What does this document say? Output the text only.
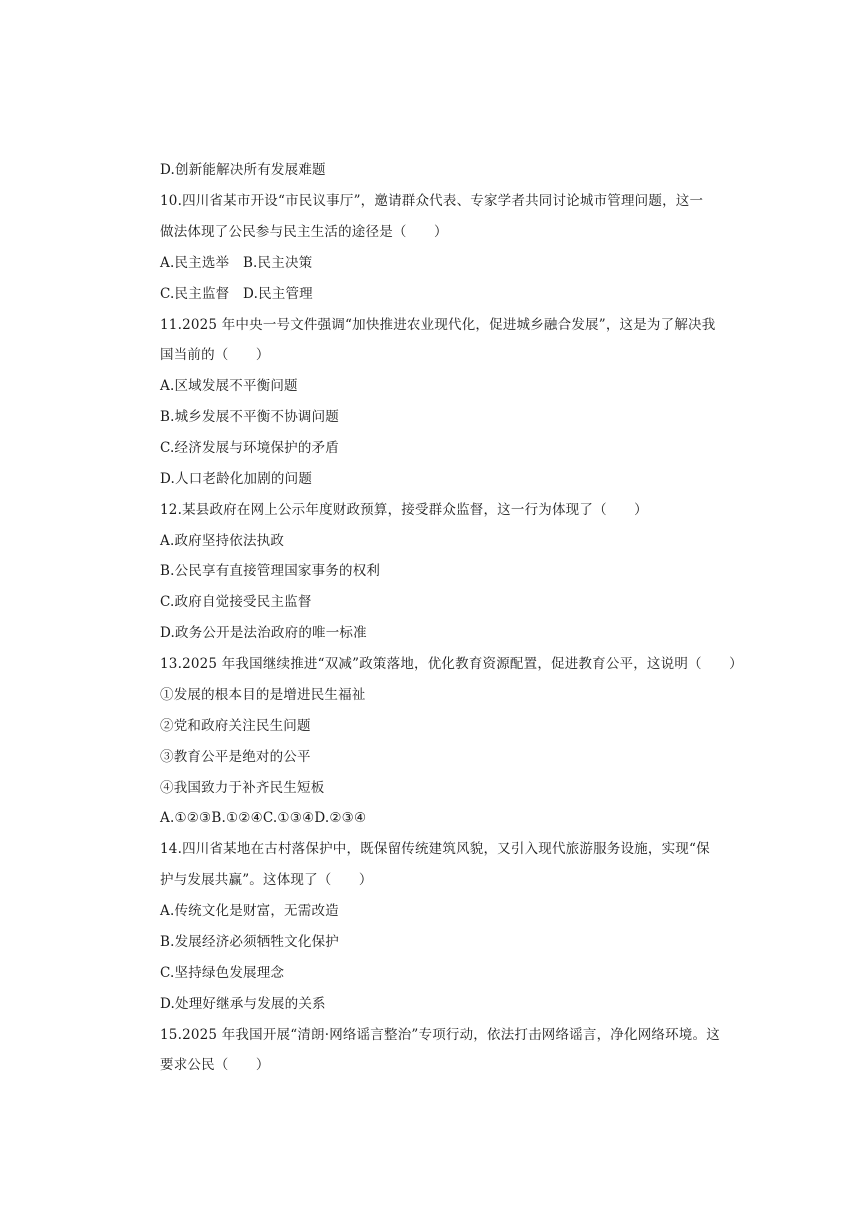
D.创新能解决所有发展难题
10.四川省某市开设“市民议事厅”，邀请群众代表、专家学者共同讨论城市管理问题，这一
做法体现了公民参与民主生活的途径是（　　）
A.民主选举　B.民主决策
C.民主监督　D.民主管理
11.2025 年中央一号文件强调“加快推进农业现代化，促进城乡融合发展”，这是为了解决我
国当前的（　　）
A.区域发展不平衡问题
B.城乡发展不平衡不协调问题
C.经济发展与环境保护的矛盾
D.人口老龄化加剧的问题
12.某县政府在网上公示年度财政预算，接受群众监督，这一行为体现了（　　）
A.政府坚持依法执政
B.公民享有直接管理国家事务的权利
C.政府自觉接受民主监督
D.政务公开是法治政府的唯一标准
13.2025 年我国继续推进“双减”政策落地，优化教育资源配置，促进教育公平，这说明（　　）
①发展的根本目的是增进民生福祉
②党和政府关注民生问题
③教育公平是绝对的公平
④我国致力于补齐民生短板
A.①②③B.①②④C.①③④D.②③④
14.四川省某地在古村落保护中，既保留传统建筑风貌，又引入现代旅游服务设施，实现“保
护与发展共赢”。这体现了（　　）
A.传统文化是财富，无需改造
B.发展经济必须牺牲文化保护
C.坚持绿色发展理念
D.处理好继承与发展的关系
15.2025 年我国开展“清朗·网络谣言整治”专项行动，依法打击网络谣言，净化网络环境。这
要求公民（　　）
